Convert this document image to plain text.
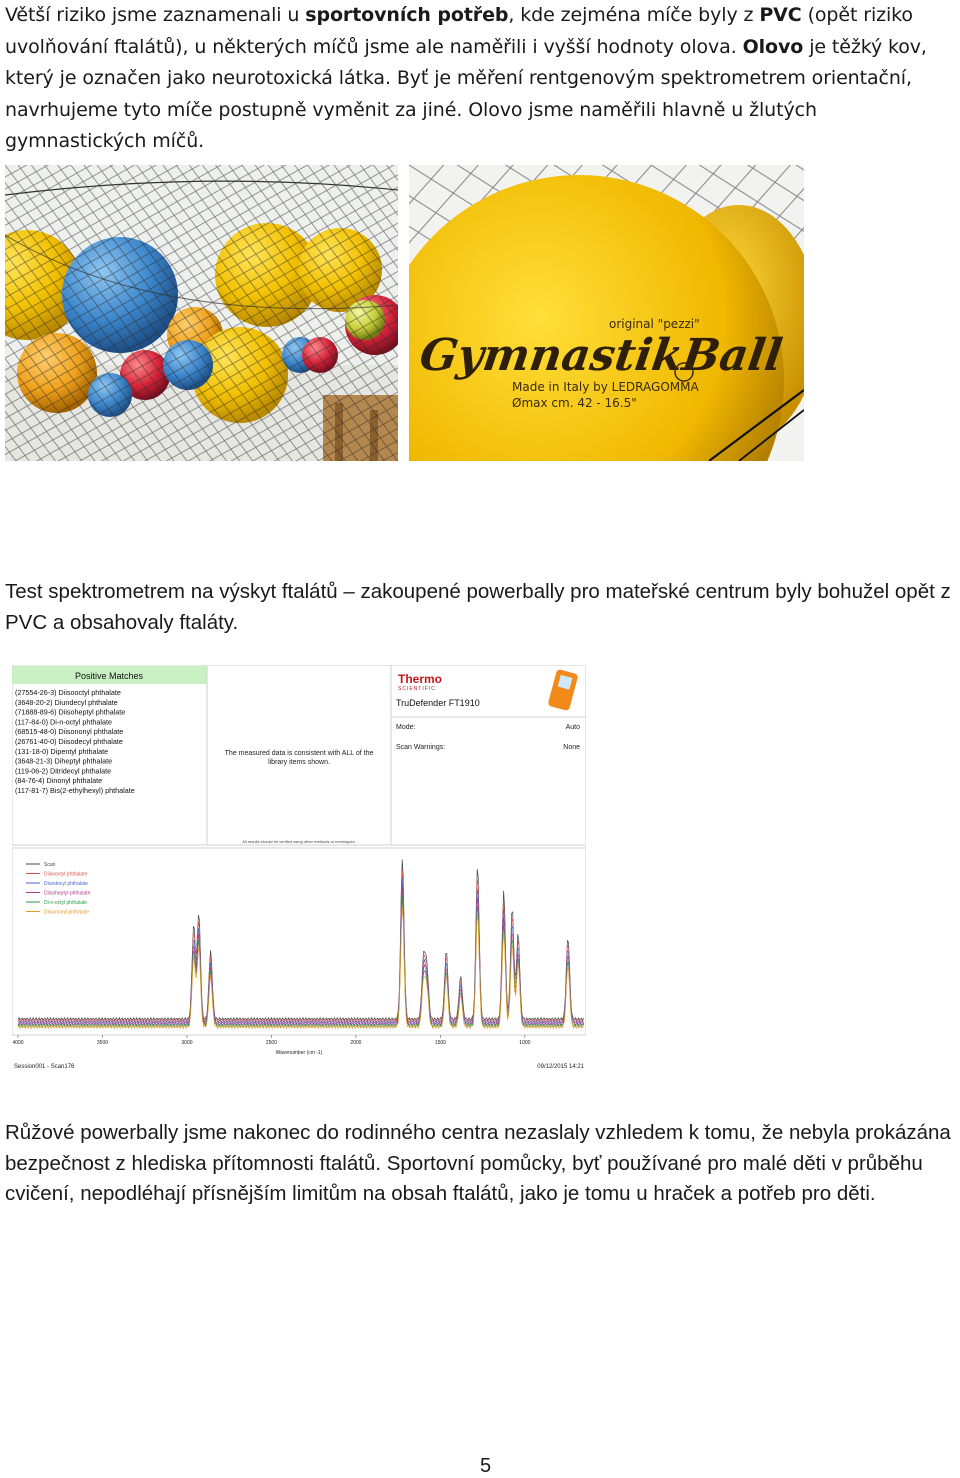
Větší riziko jsme zaznamenali u sportovních potřeb, kde zejména míče byly z PVC (opět riziko uvolňování ftalátů), u některých míčů jsme ale naměřili i vyšší hodnoty olova. Olovo je těžký kov, který je označen jako neurotoxická látka. Byť je měření rentgenovým spektrometrem orientační, navrhujeme tyto míče postupně vyměnit za jiné. Olovo jsme naměřili hlavně u žlutých gymnastických míčů.
GymnastikBall
original "pezzi"
Made in Italy by LEDRAGOMMA
Ømax cm. 42 - 16.5"
Test spektrometrem na výskyt ftalátů – zakoupené powerbally pro mateřské centrum byly bohužel opět z PVC a obsahovaly ftaláty.
Positive Matches
(27554-26-3) Diisooctyl phthalate
(3648-20-2) Diundecyl phthalate
(71888-89-6) Diisoheptyl phthalate
(117-84-0) Di-n-octyl phthalate
(68515-48-0) Diisononyl phthalate
(26761-40-0) Diisodecyl phthalate
(131-18-0) Dipentyl phthalate
(3648-21-3) Diheptyl phthalate
(119-06-2) Ditridecyl phthalate
(84-76-4) Dinonyl phthalate
(117-81-7) Bis(2-ethylhexyl) phthalate
The measured data is consistent with ALL of the
library items shown.
All results should be verified using other methods or techniques.
Thermo
SCIENTIFIC
TruDefender FT1910
Mode:	Auto
Scan Warnings:	None
Scan
Diisooctyl phthalate
Diundecyl phthalate
Diisoheptyl phthalate
Di-n-octyl phthalate
Diisononyl phthalate
4000	3500	3000	2500	2000	1500	1000
Wavenumber (cm -1)
Session001 - Scan176	09/12/2015 14:21
Růžové powerbally jsme nakonec do rodinného centra nezaslaly vzhledem k tomu, že nebyla prokázána bezpečnost z hlediska přítomnosti ftalátů. Sportovní pomůcky, byť používané pro malé děti v průběhu cvičení, nepodléhají přísnějším limitům na obsah ftalátů, jako je tomu u hraček a potřeb pro děti.
5
